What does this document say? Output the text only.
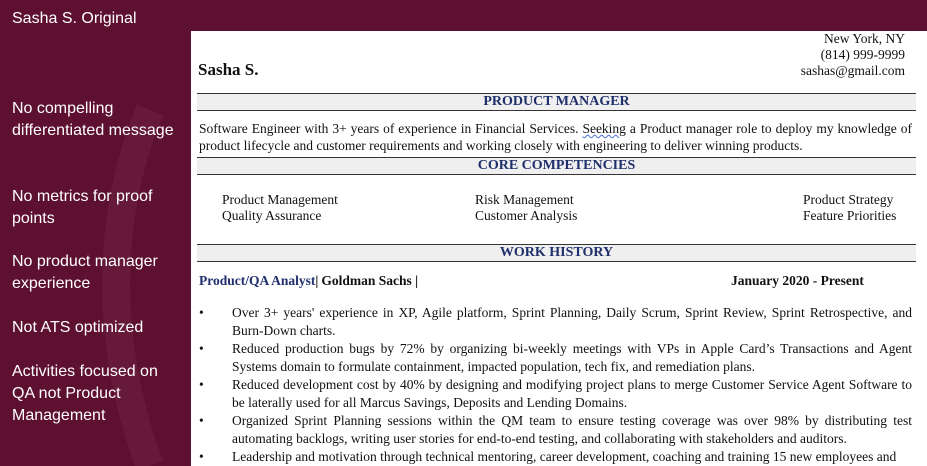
Sasha S. Original
No compelling differentiated message
No metrics for proof points
No product manager experience
Not ATS optimized
Activities focused on QA not Product Management
New York, NY
(814) 999-9999
sashas@gmail.com
Sasha S.
PRODUCT MANAGER
Software Engineer with 3+ years of experience in Financial Services. Seeking a Product manager role to deploy my knowledge of product lifecycle and customer requirements and working closely with engineering to deliver winning products.
CORE COMPETENCIES
Product Management
Quality Assurance
Risk Management
Customer Analysis
Product Strategy
Feature Priorities
WORK HISTORY
Product/QA Analyst| Goldman Sachs |	January 2020 - Present
• Over 3+ years' experience in XP, Agile platform, Sprint Planning, Daily Scrum, Sprint Review, Sprint Retrospective, and Burn-Down charts.
• Reduced production bugs by 72% by organizing bi-weekly meetings with VPs in Apple Card’s Transactions and Agent Systems domain to formulate containment, impacted population, tech fix, and remediation plans.
• Reduced development cost by 40% by designing and modifying project plans to merge Customer Service Agent Software to be laterally used for all Marcus Savings, Deposits and Lending Domains.
• Organized Sprint Planning sessions within the QM team to ensure testing coverage was over 98% by distributing test automating backlogs, writing user stories for end-to-end testing, and collaborating with stakeholders and auditors.
• Leadership and motivation through technical mentoring, career development, coaching and training 15 new employees and
